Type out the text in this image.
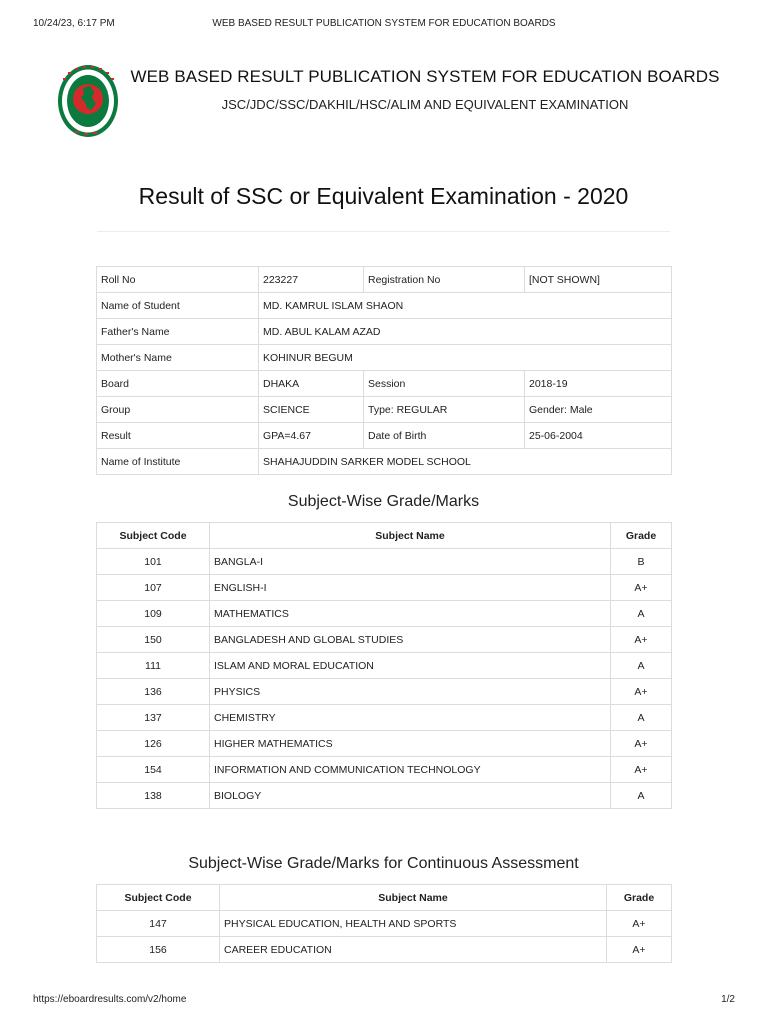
10/24/23, 6:17 PM	WEB BASED RESULT PUBLICATION SYSTEM FOR EDUCATION BOARDS
WEB BASED RESULT PUBLICATION SYSTEM FOR EDUCATION BOARDS
JSC/JDC/SSC/DAKHIL/HSC/ALIM AND EQUIVALENT EXAMINATION
Result of SSC or Equivalent Examination - 2020
Roll No	223227	Registration No	[NOT SHOWN]
Name of Student	MD. KAMRUL ISLAM SHAON		
Father's Name	MD. ABUL KALAM AZAD		
Mother's Name	KOHINUR BEGUM		
Board	DHAKA	Session	2018-19
Group	SCIENCE	Type: REGULAR	Gender: Male
Result	GPA=4.67	Date of Birth	25-06-2004
Name of Institute	SHAHAJUDDIN SARKER MODEL SCHOOL		
Subject-Wise Grade/Marks
Subject Code	Subject Name	Grade
101	BANGLA-I	B
107	ENGLISH-I	A+
109	MATHEMATICS	A
150	BANGLADESH AND GLOBAL STUDIES	A+
111	ISLAM AND MORAL EDUCATION	A
136	PHYSICS	A+
137	CHEMISTRY	A
126	HIGHER MATHEMATICS	A+
154	INFORMATION AND COMMUNICATION TECHNOLOGY	A+
138	BIOLOGY	A
Subject-Wise Grade/Marks for Continuous Assessment
Subject Code	Subject Name	Grade
147	PHYSICAL EDUCATION, HEALTH AND SPORTS	A+
156	CAREER EDUCATION	A+
https://eboardresults.com/v2/home	1/2
